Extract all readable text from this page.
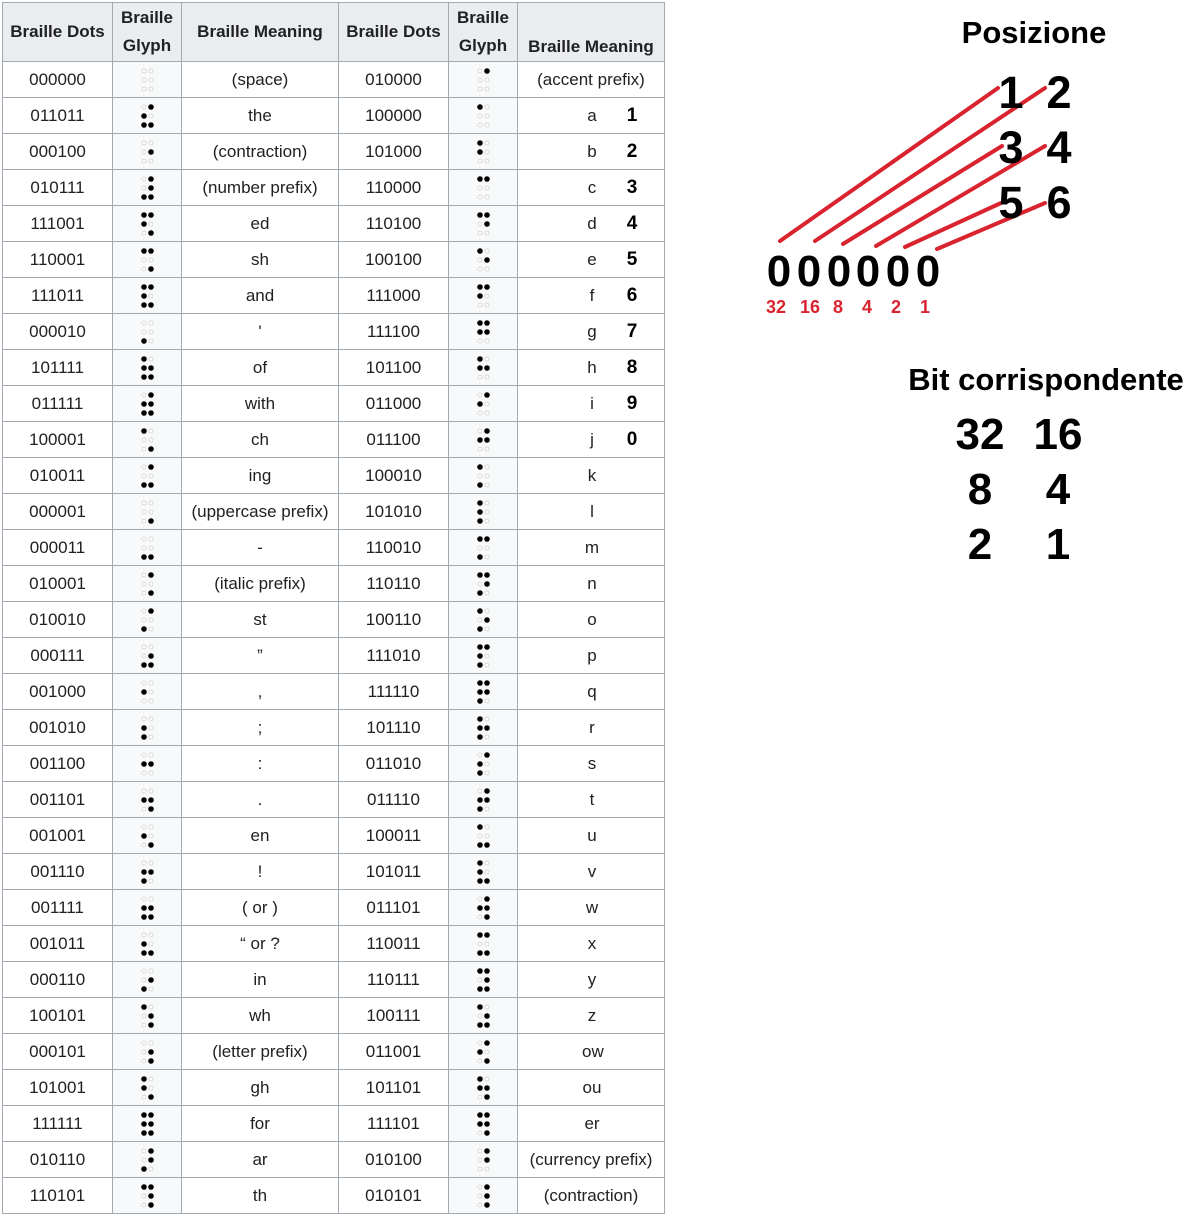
Braille Dots	Braille Glyph	Braille Meaning	Braille Dots	Braille Glyph	Braille Meaning
000000		(space)	010000		(accent prefix)

011011		the	100000		a 1

000100		(contraction)	101000		b 2

010111		(number prefix)	110000		c 3

111001		ed	110100		d 4

110001		sh	100100		e 5

111011		and	111000		f 6

000010		'	111100		g 7

101111		of	101100		h 8

011111		with	011000		i 9

100001		ch	011100		j 0

010011		ing	100010		k

000001		(uppercase prefix)	101010		l

000011		-	110010		m

010001		(italic prefix)	110110		n

010010		st	100110		o

000111		”	111010		p

001000		,	111110		q

001010		;	101110		r

001100		:	011010		s

001101		.	011110		t

001001		en	100011		u

001110		!	101011		v

001111		( or )	011101		w

001011		“ or ?	110011		x

000110		in	110111		y

100101		wh	100111		z

000101		(letter prefix)	011001		ow

101001		gh	101101		ou

111111		for	111101		er

010110		ar	010100		(currency prefix)

110101		th	010101		(contraction)
Posizione
1 2
3 4
5 6
0 0 0 0 0 0
32 16 8 4 2 1
Bit corrispondente
32 16
8 4
2 1
